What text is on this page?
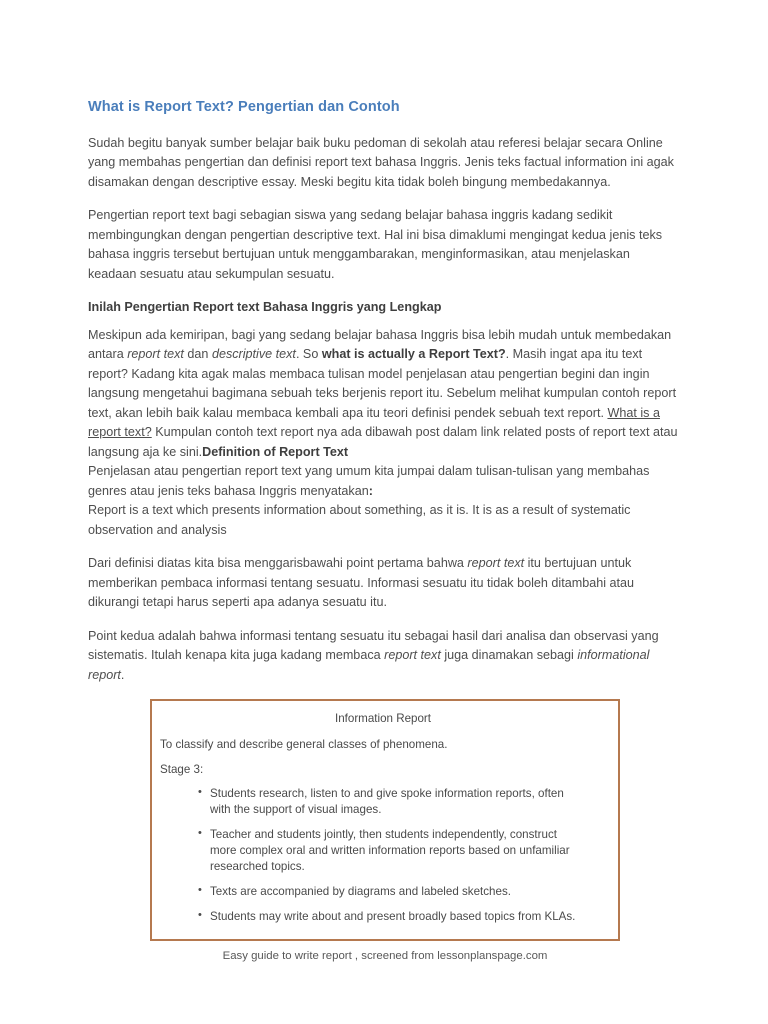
What is Report Text? Pengertian dan Contoh

Sudah begitu banyak sumber belajar baik buku pedoman di sekolah atau referesi belajar secara Online yang membahas pengertian dan definisi report text bahasa Inggris. Jenis teks factual information ini agak disamakan dengan descriptive essay. Meski begitu kita tidak boleh bingung membedakannya.

Pengertian report text bagi sebagian siswa yang sedang belajar bahasa inggris kadang sedikit membingungkan dengan pengertian descriptive text. Hal ini bisa dimaklumi mengingat kedua jenis teks bahasa inggris tersebut bertujuan untuk menggambarakan, menginformasikan, atau menjelaskan keadaan sesuatu atau sekumpulan sesuatu.

Inilah Pengertian Report text Bahasa Inggris yang Lengkap

Meskipun ada kemiripan, bagi yang sedang belajar bahasa Inggris bisa lebih mudah untuk membedakan antara report text dan descriptive text. So what is actually a Report Text?. Masih ingat apa itu text report? Kadang kita agak malas membaca tulisan model penjelasan atau pengertian begini dan ingin langsung mengetahui bagimana sebuah teks berjenis report itu. Sebelum melihat kumpulan contoh report text, akan lebih baik kalau membaca kembali apa itu teori definisi pendek sebuah text report. What is a report text? Kumpulan contoh text report nya ada dibawah post dalam link related posts of report text atau langsung aja ke sini.Definition of Report Text

Penjelasan atau pengertian report text yang umum kita jumpai dalam tulisan-tulisan yang membahas genres atau jenis teks bahasa Inggris menyatakan:

Report is a text which presents information about something, as it is. It is as a result of systematic observation and analysis

Dari definisi diatas kita bisa menggarisbawahi point pertama bahwa report text itu bertujuan untuk memberikan pembaca informasi tentang sesuatu. Informasi sesuatu itu tidak boleh ditambahi atau dikurangi tetapi harus seperti apa adanya sesuatu itu.

Point kedua adalah bahwa informasi tentang sesuatu itu sebagai hasil dari analisa dan observasi yang sistematis. Itulah kenapa kita juga kadang membaca report text juga dinamakan sebagi informational report.

Information Report
To classify and describe general classes of phenomena.
Stage 3:
• Students research, listen to and give spoke information reports, often with the support of visual images.
• Teacher and students jointly, then students independently, construct more complex oral and written information reports based on unfamiliar researched topics.
• Texts are accompanied by diagrams and labeled sketches.
• Students may write about and present broadly based topics from KLAs.
Easy guide to write report , screened from lessonplanspage.com
